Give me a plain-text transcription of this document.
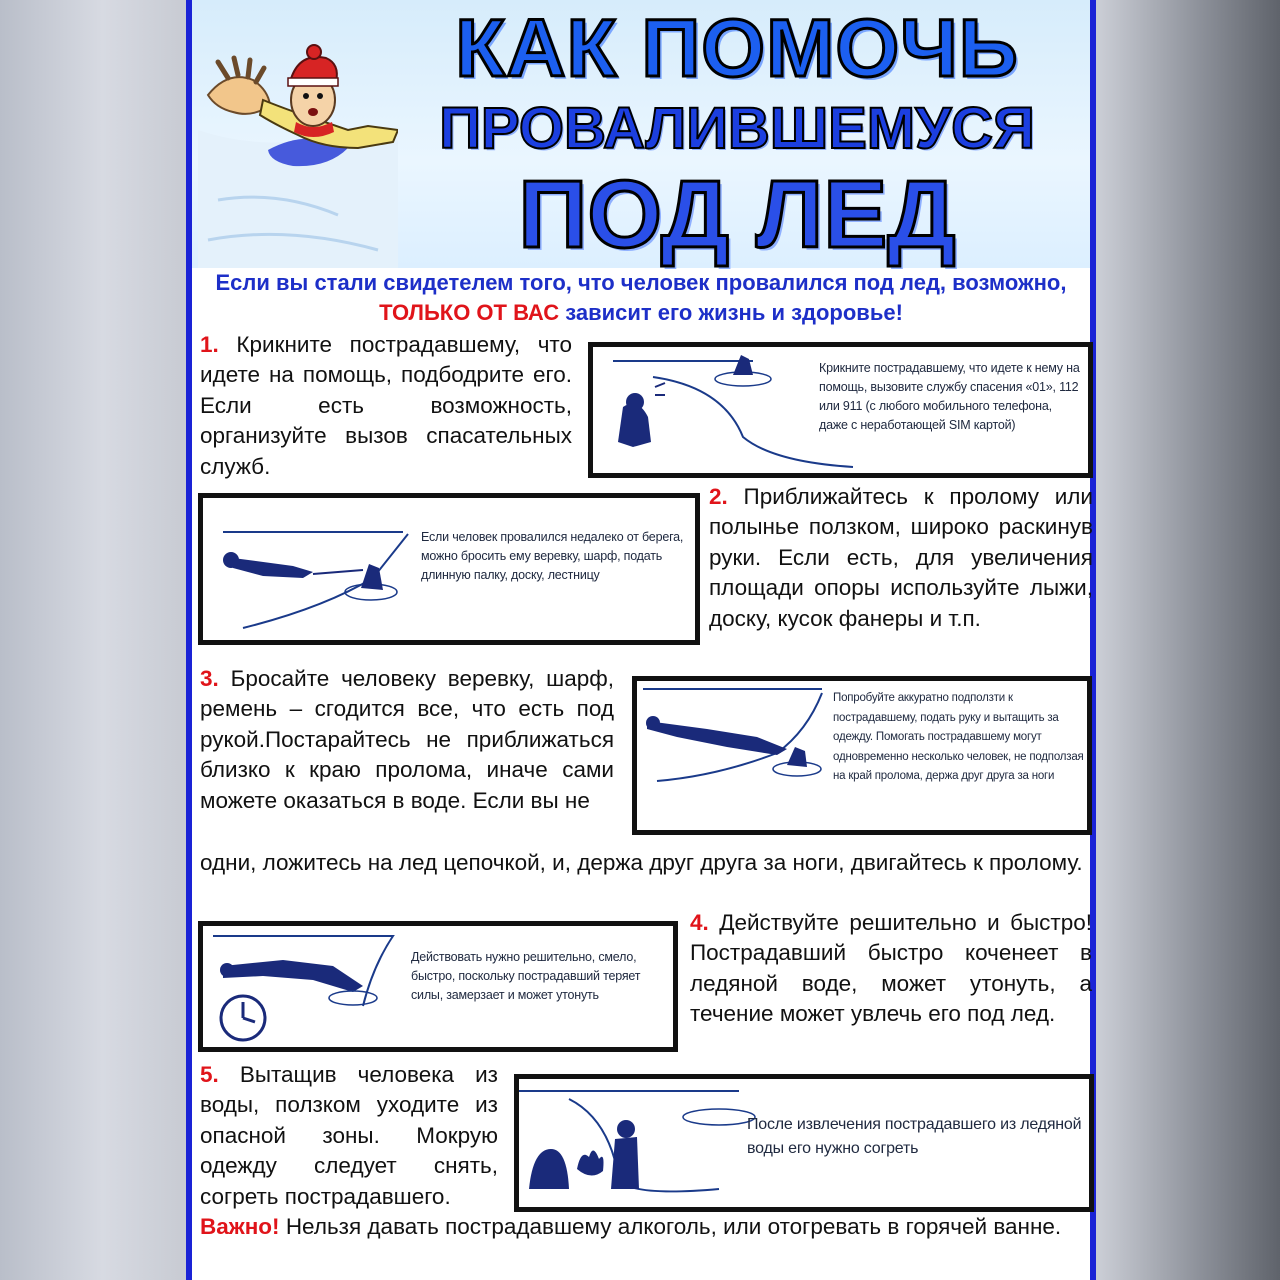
КАК ПОМОЧЬ
ПРОВАЛИВШЕМУСЯ
ПОД ЛЕД
Если вы стали свидетелем того, что человек провалился под лед, возможно, ТОЛЬКО ОТ ВАС зависит его жизнь и здоровье!
1. Крикните пострадавшему, что идете на помощь, подбодрите его. Если есть возможность, организуйте вызов спасательных служб.
Крикните пострадавшему, что идете к нему на помощь, вызовите службу спасения «01», 112 или 911 (с любого мобильного телефона, даже с неработающей SIM картой)
Если человек провалился недалеко от берега, можно бросить ему веревку, шарф, подать длинную палку, доску, лестницу
2. Приближайтесь к пролому или полынье ползком, широко раскинув руки. Если есть, для увеличения площади опоры используйте лыжи, доску, кусок фанеры и т.п.
3. Бросайте человеку веревку, шарф, ремень – сгодится все, что есть под рукой.Постарайтесь не приближаться близко к краю пролома, иначе сами можете оказаться в воде. Если вы не
Попробуйте аккуратно подползти к пострадавшему, подать руку и вытащить за одежду. Помогать пострадавшему могут одновременно несколько человек, не подползая на край пролома, держа друг друга за ноги
одни, ложитесь на лед цепочкой, и, держа друг друга за ноги, двигайтесь к пролому.
Действовать нужно решительно, смело, быстро, поскольку пострадавший теряет силы, замерзает и может утонуть
4. Действуйте решительно и быстро! Пострадавший быстро коченеет в ледяной воде, может утонуть, а течение может увлечь его под лед.
5. Вытащив человека из воды, ползком уходите из опасной зоны. Мокрую одежду следует снять, согреть пострадавшего.
После извлечения пострадавшего из ледяной воды его нужно согреть
Важно! Нельзя давать пострадавшему алкоголь, или отогревать в горячей ванне.
